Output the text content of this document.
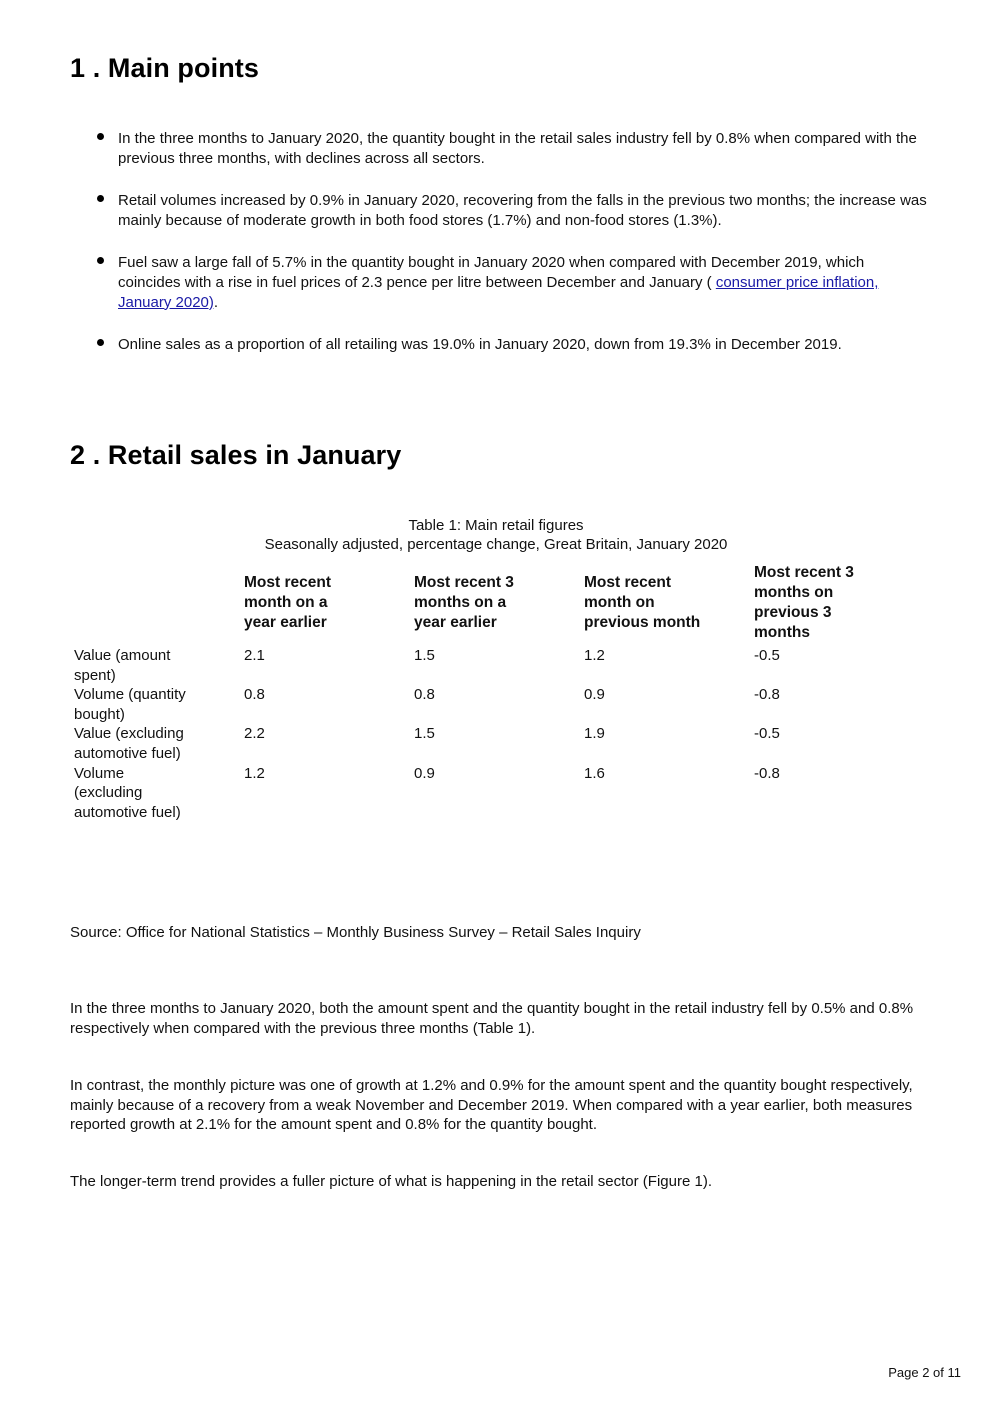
1 . Main points
In the three months to January 2020, the quantity bought in the retail sales industry fell by 0.8% when compared with the previous three months, with declines across all sectors.
Retail volumes increased by 0.9% in January 2020, recovering from the falls in the previous two months; the increase was mainly because of moderate growth in both food stores (1.7%) and non-food stores (1.3%).
Fuel saw a large fall of 5.7% in the quantity bought in January 2020 when compared with December 2019, which coincides with a rise in fuel prices of 2.3 pence per litre between December and January ( consumer price inflation, January 2020).
Online sales as a proportion of all retailing was 19.0% in January 2020, down from 19.3% in December 2019.
2 . Retail sales in January
Table 1: Main retail figures
Seasonally adjusted, percentage change, Great Britain, January 2020

	Most recent month on a year earlier	Most recent 3 months on a year earlier	Most recent month on previous month	Most recent 3 months on previous 3 months

Value (amount spent)	2.1	1.5	1.2	-0.5

Volume (quantity bought)	0.8	0.8	0.9	-0.8

Value (excluding automotive fuel)	2.2	1.5	1.9	-0.5

Volume (excluding automotive fuel)	1.2	0.9	1.6	-0.8

Source: Office for National Statistics – Monthly Business Survey – Retail Sales Inquiry

In the three months to January 2020, both the amount spent and the quantity bought in the retail industry fell by 0.5% and 0.8% respectively when compared with the previous three months (Table 1).

In contrast, the monthly picture was one of growth at 1.2% and 0.9% for the amount spent and the quantity bought respectively, mainly because of a recovery from a weak November and December 2019. When compared with a year earlier, both measures reported growth at 2.1% for the amount spent and 0.8% for the quantity bought.

The longer-term trend provides a fuller picture of what is happening in the retail sector (Figure 1).

Page 2 of 11
